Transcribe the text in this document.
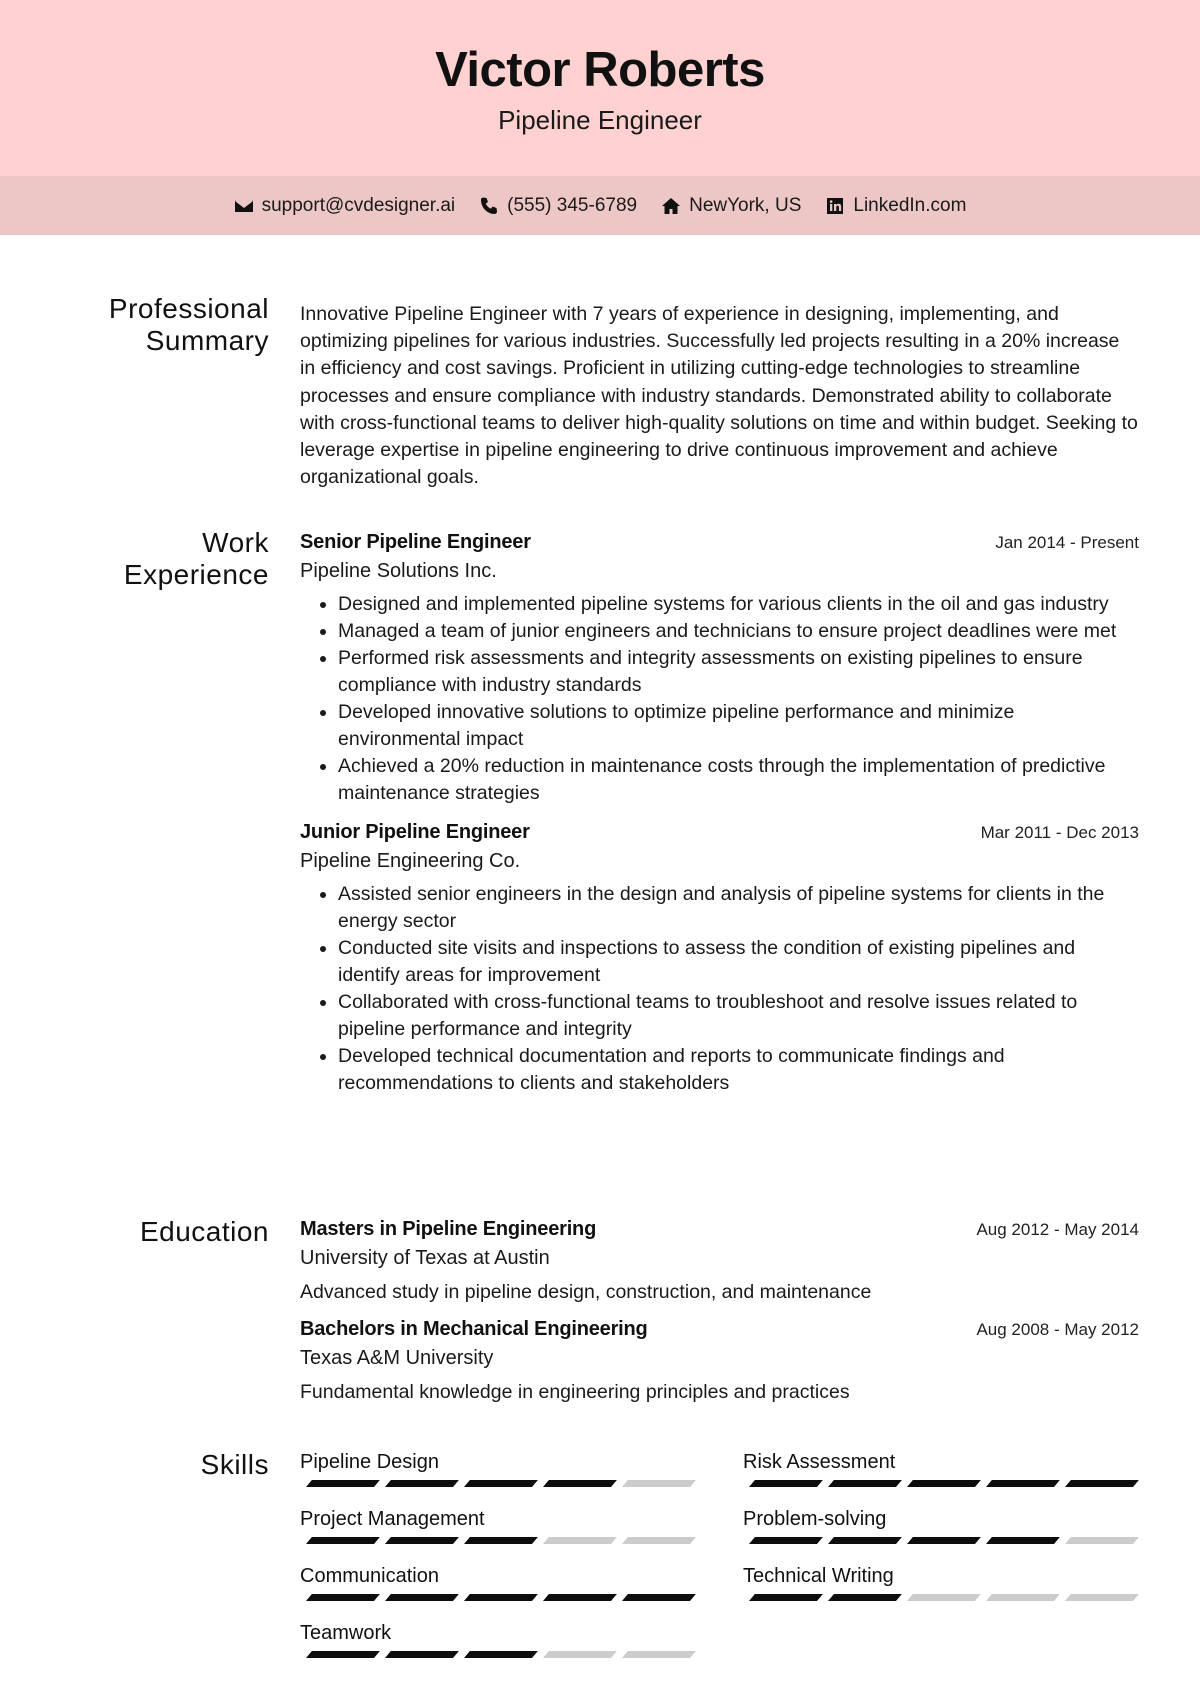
Victor Roberts
Pipeline Engineer
support@cvdesigner.ai	(555) 345-6789	NewYork, US	LinkedIn.com
Professional
Summary

Innovative Pipeline Engineer with 7 years of experience in designing, implementing, and optimizing pipelines for various industries. Successfully led projects resulting in a 20% increase in efficiency and cost savings. Proficient in utilizing cutting-edge technologies to streamline processes and ensure compliance with industry standards. Demonstrated ability to collaborate with cross-functional teams to deliver high-quality solutions on time and within budget. Seeking to leverage expertise in pipeline engineering to drive continuous improvement and achieve organizational goals.

Work
Experience
Senior Pipeline Engineer	Jan 2014 - Present
Pipeline Solutions Inc.
• Designed and implemented pipeline systems for various clients in the oil and gas industry
• Managed a team of junior engineers and technicians to ensure project deadlines were met
• Performed risk assessments and integrity assessments on existing pipelines to ensure compliance with industry standards
• Developed innovative solutions to optimize pipeline performance and minimize environmental impact
• Achieved a 20% reduction in maintenance costs through the implementation of predictive maintenance strategies
Junior Pipeline Engineer	Mar 2011 - Dec 2013
Pipeline Engineering Co.
• Assisted senior engineers in the design and analysis of pipeline systems for clients in the energy sector
• Conducted site visits and inspections to assess the condition of existing pipelines and identify areas for improvement
• Collaborated with cross-functional teams to troubleshoot and resolve issues related to pipeline performance and integrity
• Developed technical documentation and reports to communicate findings and recommendations to clients and stakeholders
Education Masters in Pipeline Engineering	Aug 2012 - May 2014
University of Texas at Austin
Advanced study in pipeline design, construction, and maintenance
Bachelors in Mechanical Engineering	Aug 2008 - May 2012
Texas A&M University
Fundamental knowledge in engineering principles and practices
Skills Pipeline Design	Risk Assessment
Project Management	Problem-solving
Communication	Technical Writing
Teamwork
